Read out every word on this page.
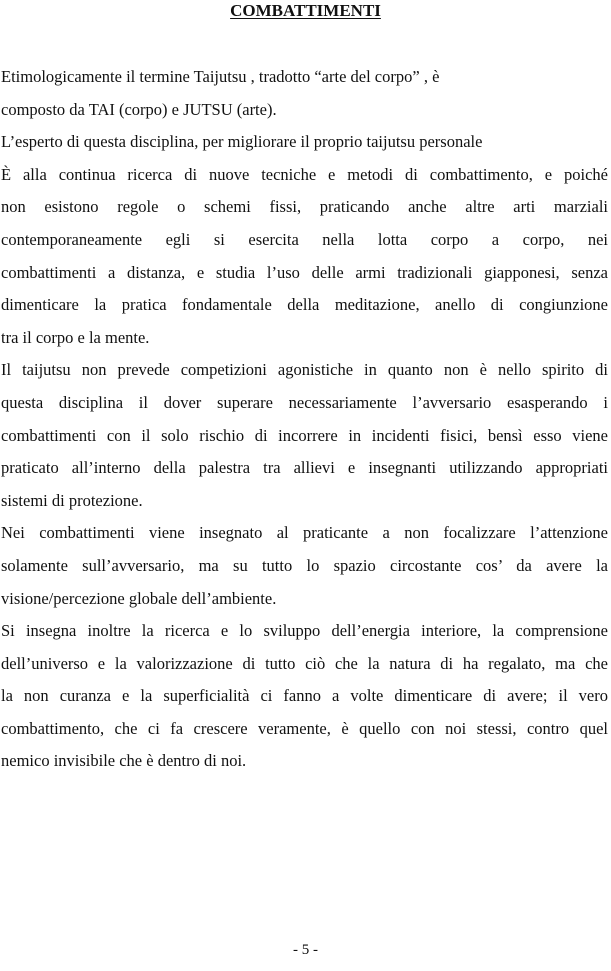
COMBATTIMENTI
Etimologicamente il termine Taijutsu , tradotto “arte del corpo” , è
composto da TAI (corpo) e JUTSU (arte).
L’esperto di questa disciplina, per migliorare il proprio taijutsu personale
È alla continua ricerca di nuove tecniche e metodi di combattimento, e poiché
non esistono regole o schemi fissi, praticando anche altre arti marziali
contemporaneamente egli si esercita nella lotta corpo a corpo, nei
combattimenti a distanza, e studia l’uso delle armi tradizionali giapponesi, senza
dimenticare la pratica fondamentale della meditazione, anello di congiunzione
tra il corpo e la mente.
Il taijutsu non prevede competizioni agonistiche in quanto non è nello spirito di
questa disciplina il dover superare necessariamente l’avversario esasperando i
combattimenti con il solo rischio di incorrere in incidenti fisici, bensì esso viene
praticato all’interno della palestra tra allievi e insegnanti utilizzando appropriati
sistemi di protezione.
Nei combattimenti viene insegnato al praticante a non focalizzare l’attenzione
solamente sull’avversario, ma su tutto lo spazio circostante cos’ da avere la
visione/percezione globale dell’ambiente.
Si insegna inoltre la ricerca e lo sviluppo dell’energia interiore, la comprensione
dell’universo e la valorizzazione di tutto ciò che la natura di ha regalato, ma che
la non curanza e la superficialità ci fanno a volte dimenticare di avere; il vero
combattimento, che ci fa crescere veramente, è quello con noi stessi, contro quel
nemico invisibile che è dentro di noi.
- 5 -
